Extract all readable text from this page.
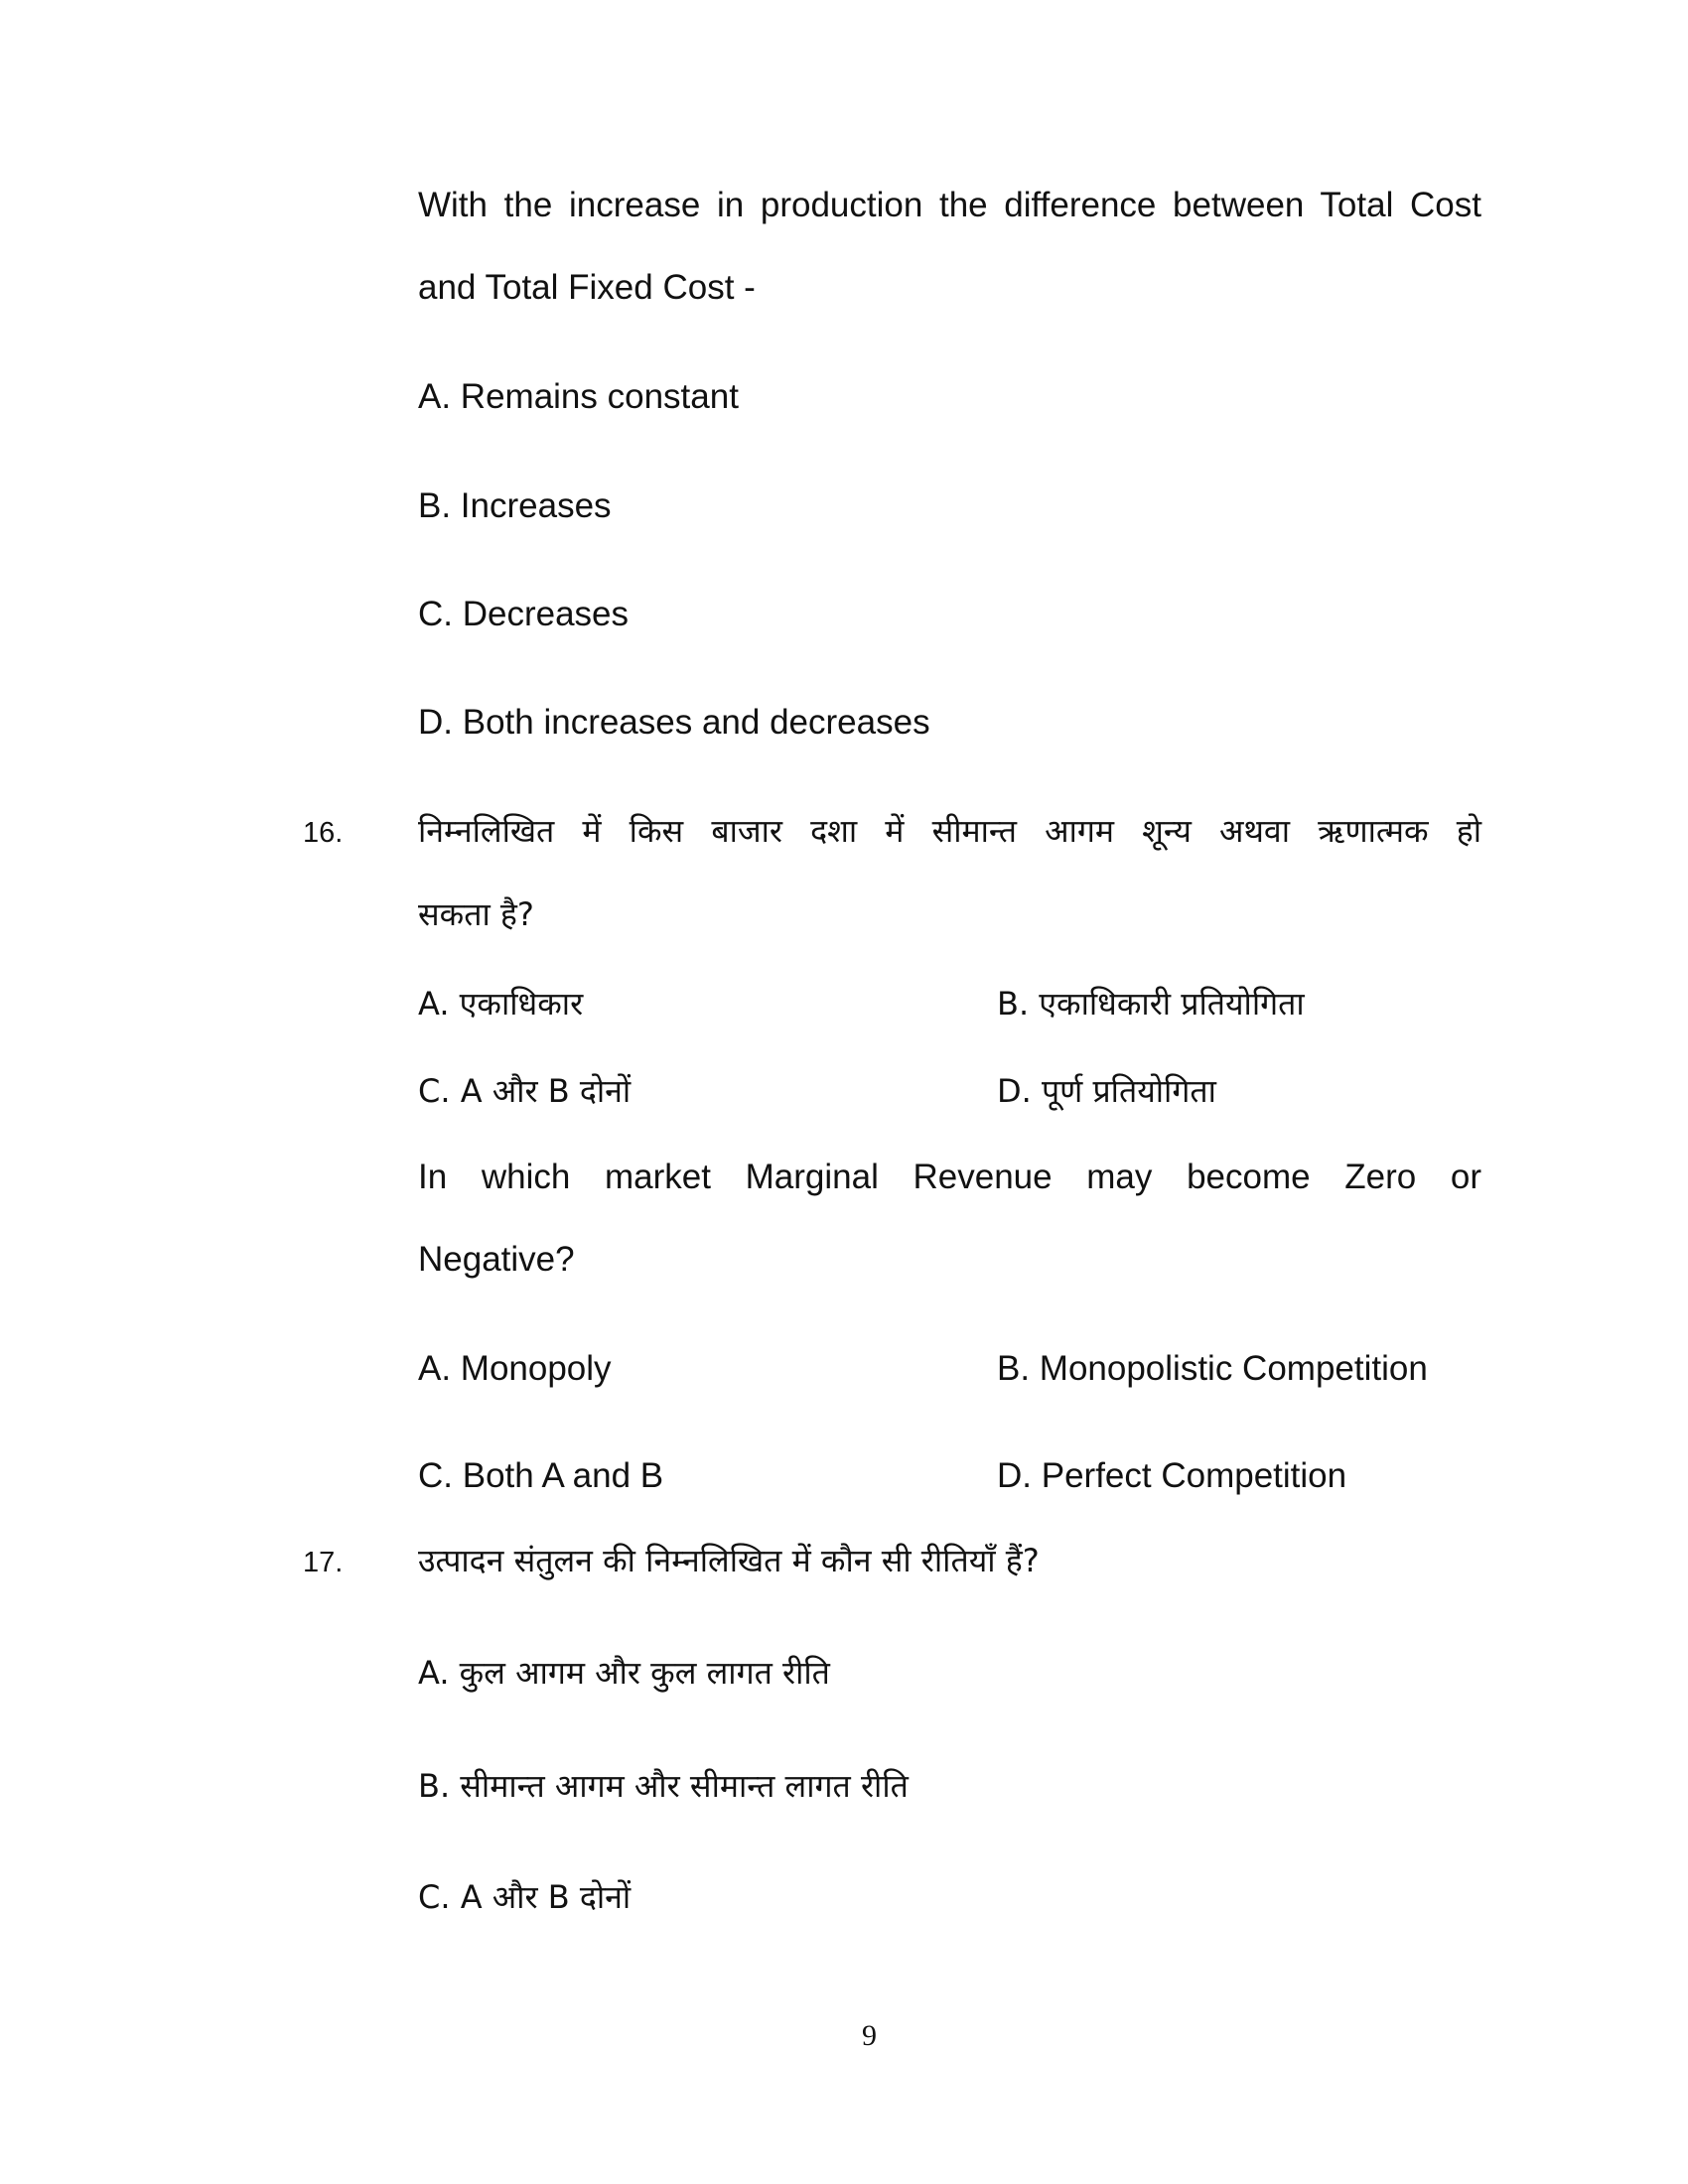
With the increase in production the difference between Total Cost
and Total Fixed Cost -
A. Remains constant
B. Increases
C. Decreases
D. Both increases and decreases
16. निम्नलिखित में किस बाजार दशा में सीमान्त आगम शून्य अथवा ऋणात्मक हो
सकता है?
A. एकाधिकार	B. एकाधिकारी प्रतियोगिता
C. A और B दोनों	D. पूर्ण प्रतियोगिता
In which market Marginal Revenue may become Zero or
Negative?
A. Monopoly	B. Monopolistic Competition
C. Both A and B	D. Perfect Competition
17. उत्पादन संतुलन की निम्नलिखित में कौन सी रीतियाँ हैं?
A. कुल आगम और कुल लागत रीति
B. सीमान्त आगम और सीमान्त लागत रीति
C. A और B दोनों
9
